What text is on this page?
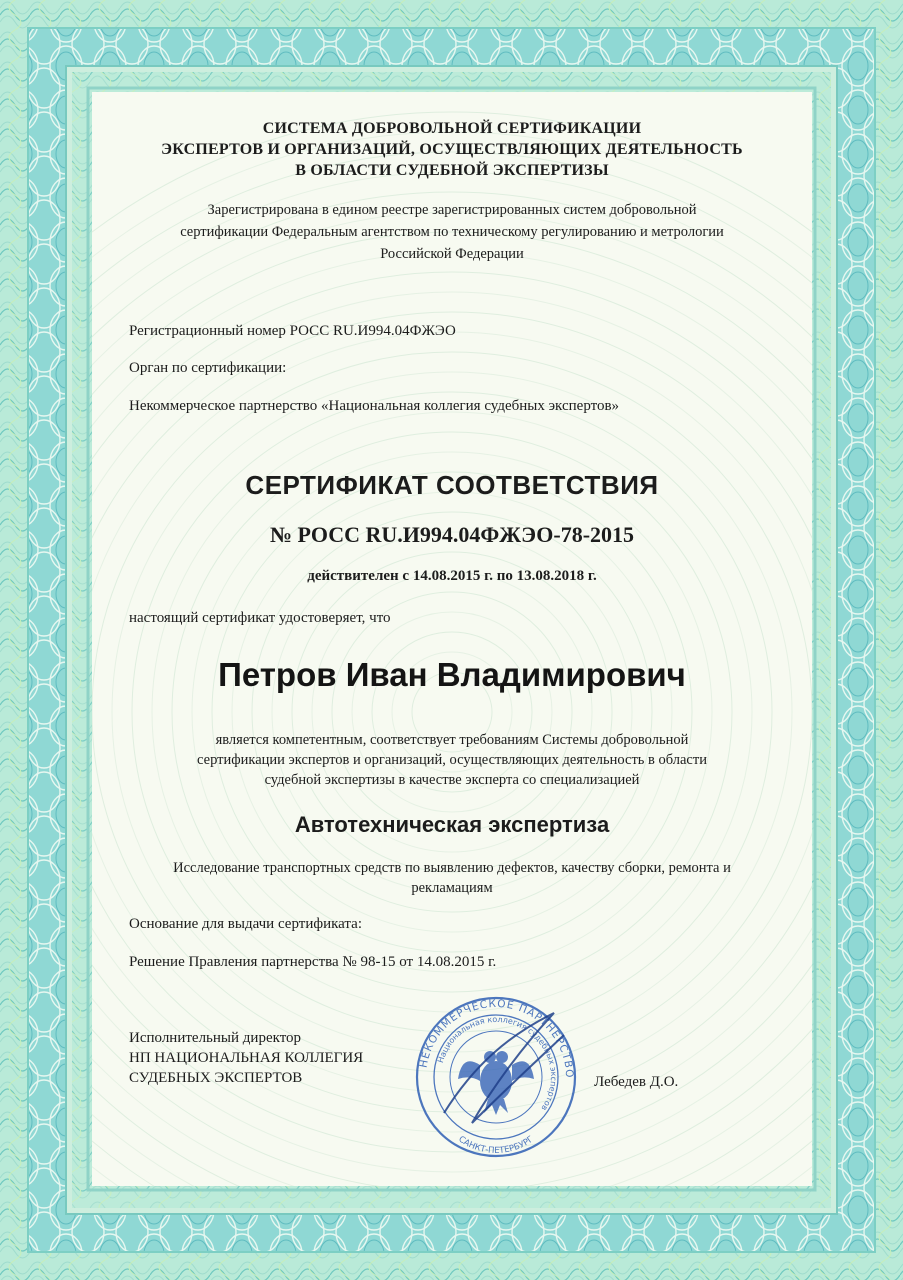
СИСТЕМА ДОБРОВОЛЬНОЙ СЕРТИФИКАЦИИ
ЭКСПЕРТОВ И ОРГАНИЗАЦИЙ, ОСУЩЕСТВЛЯЮЩИХ ДЕЯТЕЛЬНОСТЬ
В ОБЛАСТИ СУДЕБНОЙ ЭКСПЕРТИЗЫ
Зарегистрирована в едином реестре зарегистрированных систем добровольной
сертификации Федеральным агентством по техническому регулированию и метрологии
Российской Федерации
Регистрационный номер РОСС RU.И994.04ФЖЭО
Орган по сертификации:
Некоммерческое партнерство «Национальная коллегия судебных экспертов»
СЕРТИФИКАТ СООТВЕТСТВИЯ
№ РОСС RU.И994.04ФЖЭО-78-2015
действителен с 14.08.2015 г. по 13.08.2018 г.
настоящий сертификат удостоверяет, что
Петров Иван Владимирович
является компетентным, соответствует требованиям Системы добровольной
сертификации экспертов и организаций, осуществляющих деятельность в области
судебной экспертизы в качестве эксперта со специализацией
Автотехническая экспертиза
Исследование транспортных средств по выявлению дефектов, качеству сборки, ремонта и
рекламациям
Основание для выдачи сертификата:
Решение Правления партнерства № 98-15 от 14.08.2015 г.
Исполнительный директор
НП НАЦИОНАЛЬНАЯ КОЛЛЕГИЯ
СУДЕБНЫХ ЭКСПЕРТОВ	Лебедев Д.О.
НЕКОММЕРЧЕСКОЕ ПАРТНЕРСТВО
Национальная коллегия судебных экспертов
САНКТ-ПЕТЕРБУРГ
